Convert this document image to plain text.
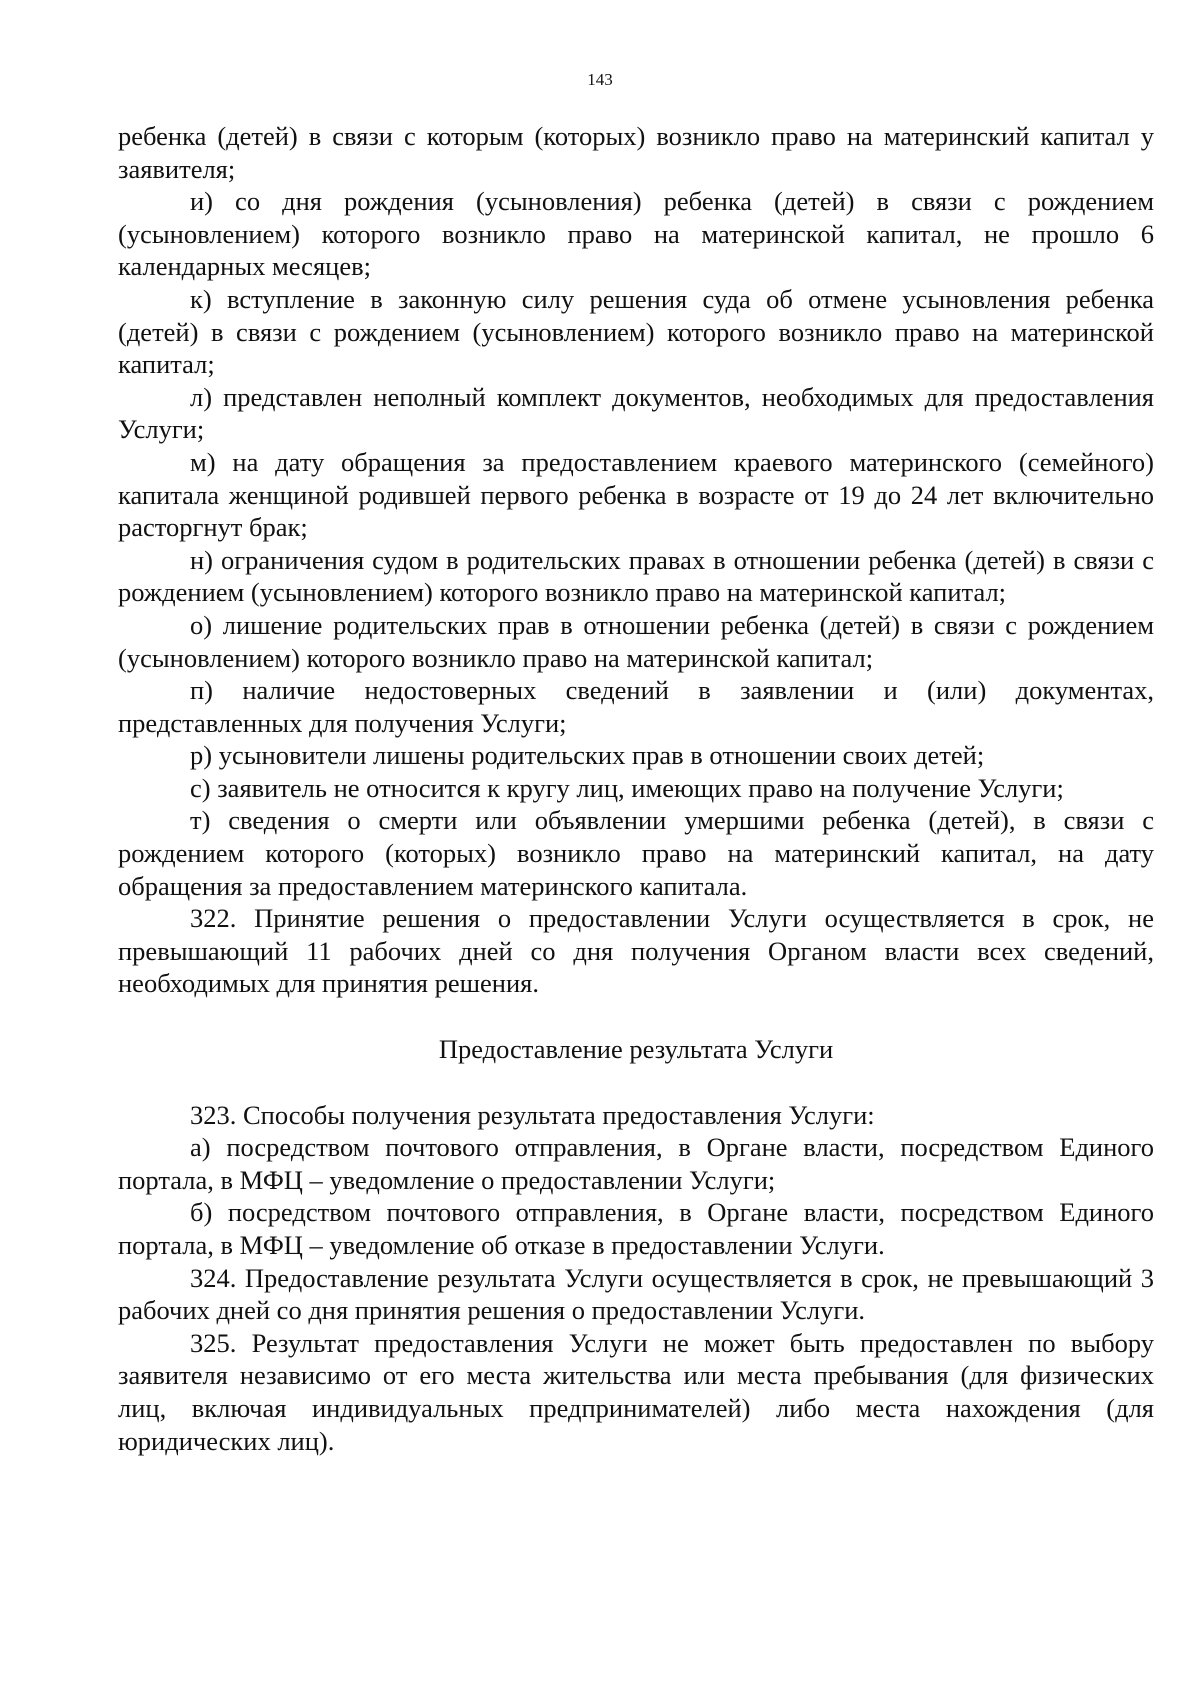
143

ребенка (детей) в связи с которым (которых) возникло право на материнский капитал у заявителя;

и) со дня рождения (усыновления) ребенка (детей) в связи с рождением (усыновлением) которого возникло право на материнской капитал, не прошло 6 календарных месяцев;

к) вступление в законную силу решения суда об отмене усыновления ребенка (детей) в связи с рождением (усыновлением) которого возникло право на материнской капитал;

л) представлен неполный комплект документов, необходимых для предоставления Услуги;

м) на дату обращения за предоставлением краевого материнского (семейного) капитала женщиной родившей первого ребенка в возрасте от 19 до 24 лет включительно расторгнут брак;

н) ограничения судом в родительских правах в отношении ребенка (детей) в связи с рождением (усыновлением) которого возникло право на материнской капитал;

о) лишение родительских прав в отношении ребенка (детей) в связи с рождением (усыновлением) которого возникло право на материнской капитал;

п) наличие недостоверных сведений в заявлении и (или) документах, представленных для получения Услуги;

р) усыновители лишены родительских прав в отношении своих детей;

с) заявитель не относится к кругу лиц, имеющих право на получение Услуги;

т) сведения о смерти или объявлении умершими ребенка (детей), в связи с рождением которого (которых) возникло право на материнский капитал, на дату обращения за предоставлением материнского капитала.

322. Принятие решения о предоставлении Услуги осуществляется в срок, не превышающий 11 рабочих дней со дня получения Органом власти всех сведений, необходимых для принятия решения.

Предоставление результата Услуги

323. Способы получения результата предоставления Услуги:

а) посредством почтового отправления, в Органе власти, посредством Единого портала, в МФЦ – уведомление о предоставлении Услуги;

б) посредством почтового отправления, в Органе власти, посредством Единого портала, в МФЦ – уведомление об отказе в предоставлении Услуги.

324. Предоставление результата Услуги осуществляется в срок, не превышающий 3 рабочих дней со дня принятия решения о предоставлении Услуги.

325. Результат предоставления Услуги не может быть предоставлен по выбору заявителя независимо от его места жительства или места пребывания (для физических лиц, включая индивидуальных предпринимателей) либо места нахождения (для юридических лиц).
